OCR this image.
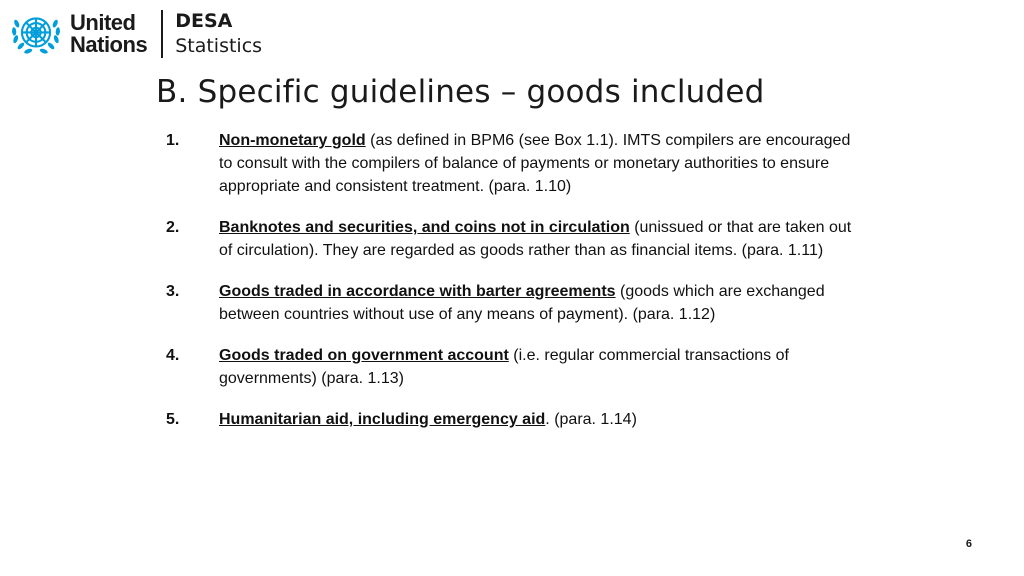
United
Nations
DESA
Statistics
B. Specific guidelines – goods included
1.	Non-monetary gold (as defined in BPM6 (see Box 1.1). IMTS compilers are encouraged to consult with the compilers of balance of payments or monetary authorities to ensure appropriate and consistent treatment. (para. 1.10)
2.	Banknotes and securities, and coins not in circulation (unissued or that are taken out of circulation). They are regarded as goods rather than as financial items. (para. 1.11)
3.	Goods traded in accordance with barter agreements (goods which are exchanged between countries without use of any means of payment). (para. 1.12)
4.	Goods traded on government account (i.e. regular commercial transactions of governments) (para. 1.13)
5.	Humanitarian aid, including emergency aid. (para. 1.14)
6
